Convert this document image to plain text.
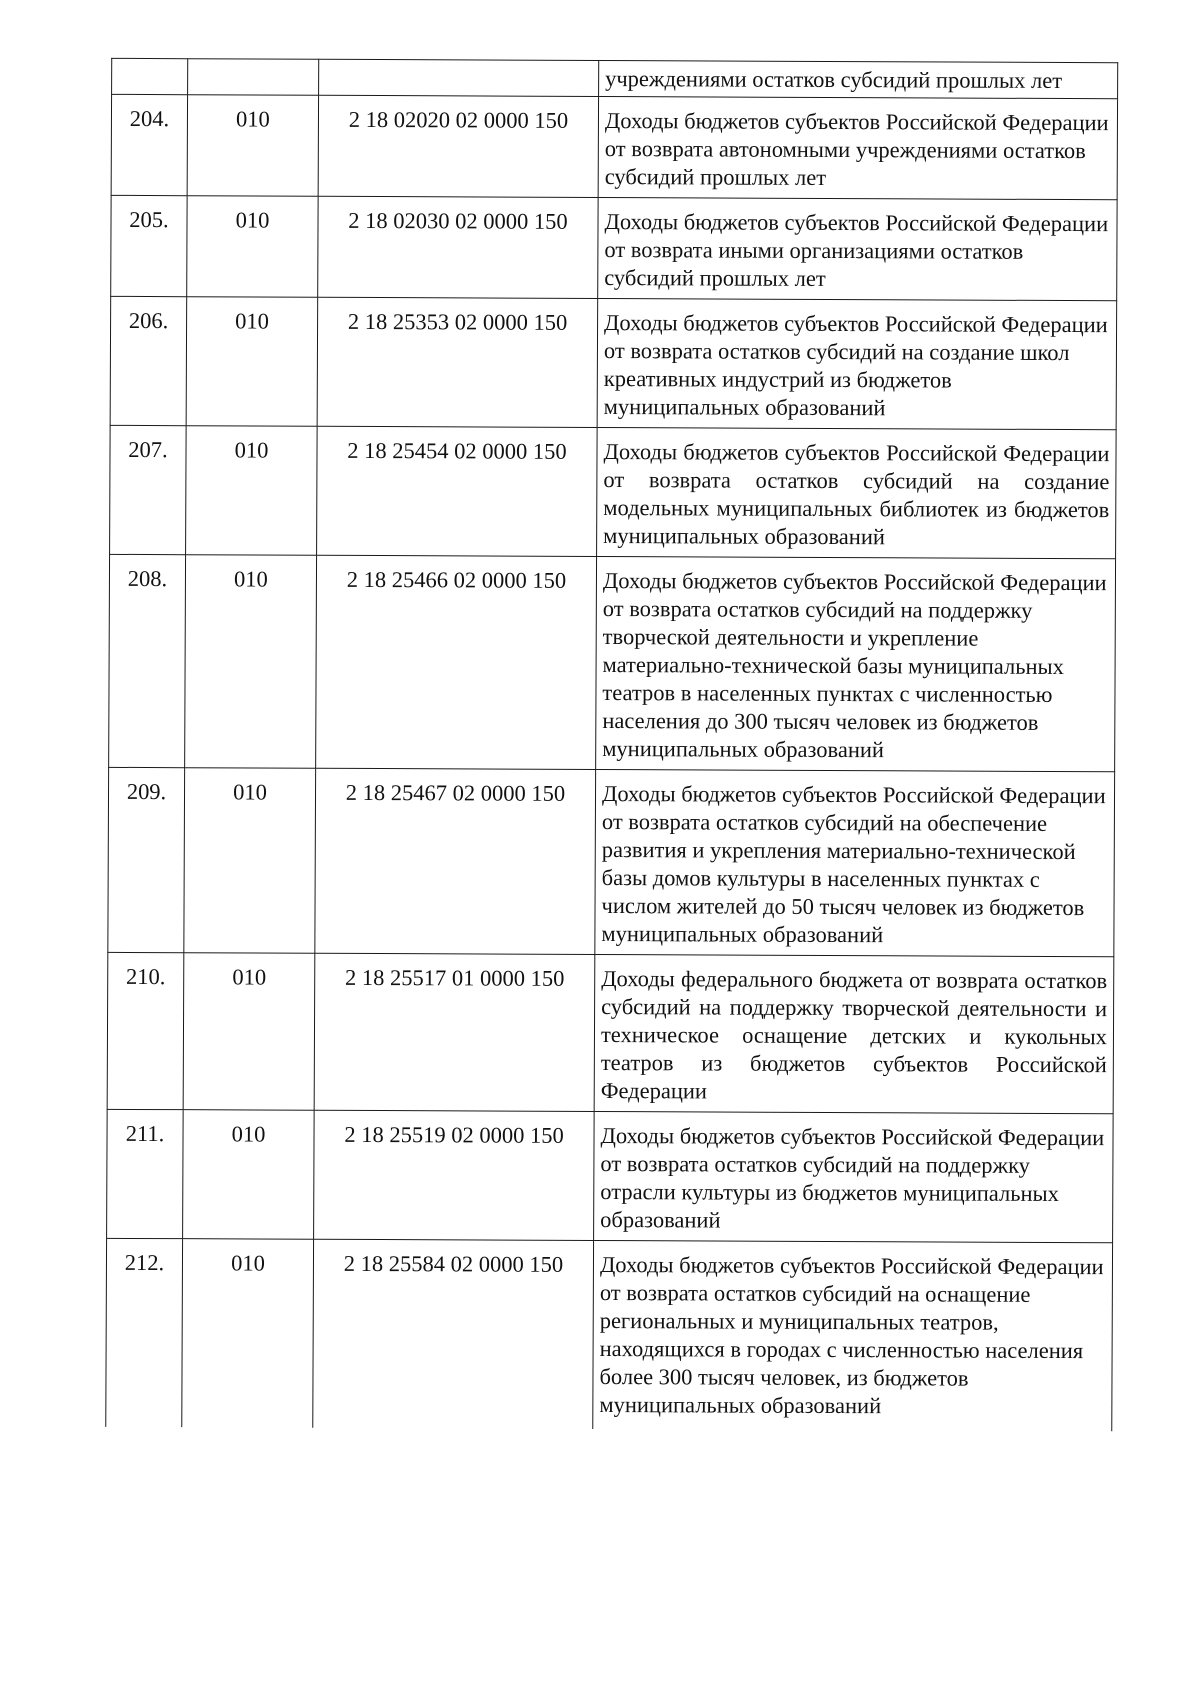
			учреждениями остатков субсидий прошлых лет
204.	010	2 18 02020 02 0000 150	Доходы бюджетов субъектов Российской Федерации от возврата автономными учреждениями остатков субсидий прошлых лет
205.	010	2 18 02030 02 0000 150	Доходы бюджетов субъектов Российской Федерации от возврата иными организациями остатков субсидий прошлых лет
206.	010	2 18 25353 02 0000 150	Доходы бюджетов субъектов Российской Федерации от возврата остатков субсидий на создание школ креативных индустрий из бюджетов муниципальных образований
207.	010	2 18 25454 02 0000 150	Доходы бюджетов субъектов Российской Федерации от возврата остатков субсидий на создание модельных муниципальных библиотек из бюджетов муниципальных образований
208.	010	2 18 25466 02 0000 150	Доходы бюджетов субъектов Российской Федерации от возврата остатков субсидий на поддержку творческой деятельности и укрепление материально-технической базы муниципальных театров в населенных пунктах с численностью населения до 300 тысяч человек из бюджетов муниципальных образований
209.	010	2 18 25467 02 0000 150	Доходы бюджетов субъектов Российской Федерации от возврата остатков субсидий на обеспечение развития и укрепления материально-технической базы домов культуры в населенных пунктах с числом жителей до 50 тысяч человек из бюджетов муниципальных образований
210.	010	2 18 25517 01 0000 150	Доходы федерального бюджета от возврата остатков субсидий на поддержку творческой деятельности и техническое оснащение детских и кукольных театров из бюджетов субъектов Российской Федерации
211.	010	2 18 25519 02 0000 150	Доходы бюджетов субъектов Российской Федерации от возврата остатков субсидий на поддержку отрасли культуры из бюджетов муниципальных образований
212.	010	2 18 25584 02 0000 150	Доходы бюджетов субъектов Российской Федерации от возврата остатков субсидий на оснащение региональных и муниципальных театров, находящихся в городах с численностью населения более 300 тысяч человек, из бюджетов муниципальных образований
